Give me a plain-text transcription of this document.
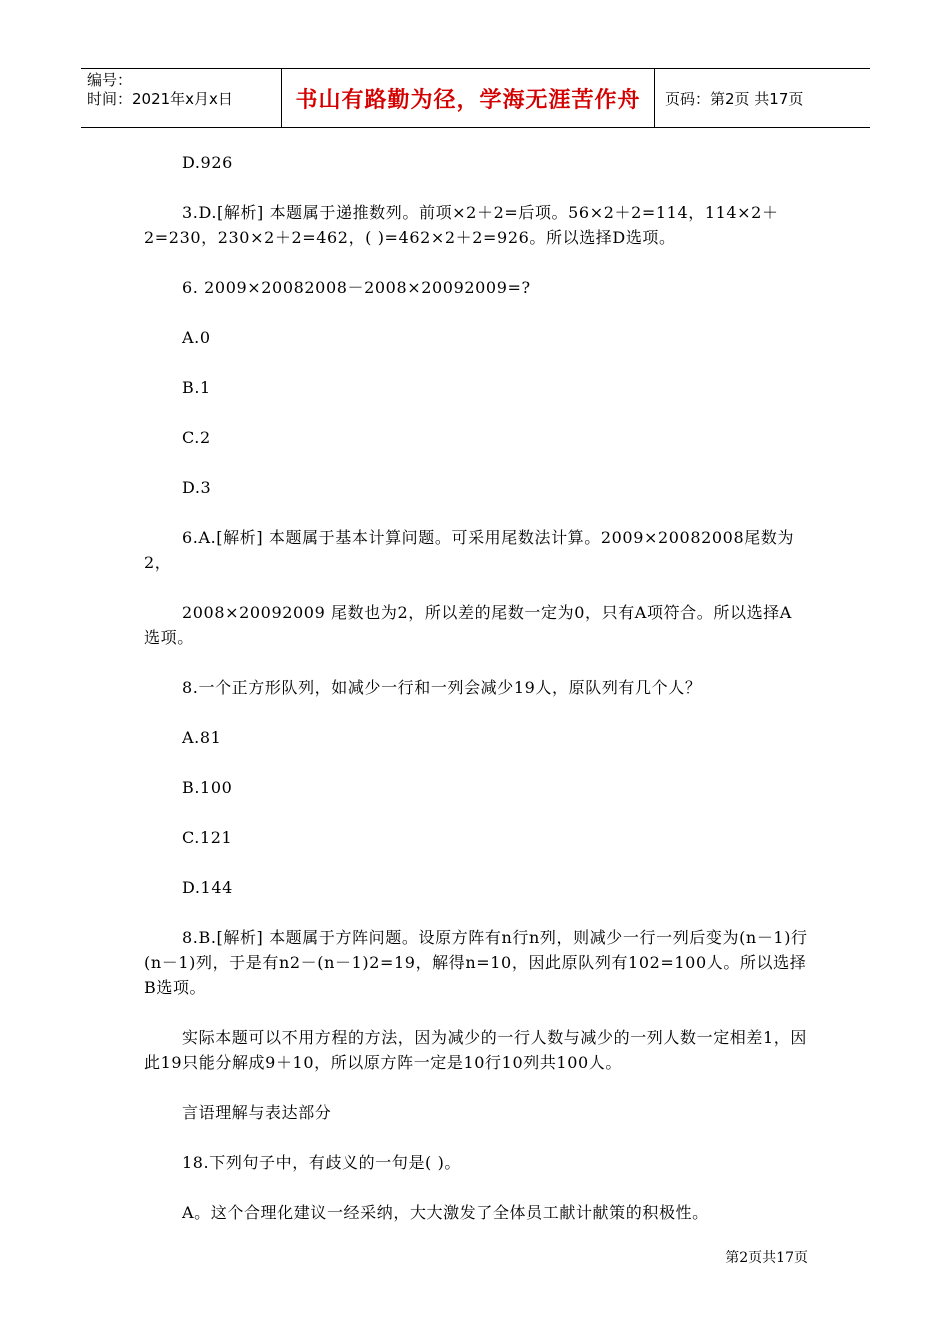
编号：
时间：2021年x月x日	书山有路勤为径，学海无涯苦作舟	页码：第2页 共17页

D.926

3.D.[解析] 本题属于递推数列。前项×2＋2=后项。56×2＋2=114，114×2＋2=230，230×2＋2=462，( )=462×2＋2=926。所以选择D选项。

6. 2009×20082008－2008×20092009=?

A.0

B.1

C.2

D.3

6.A.[解析] 本题属于基本计算问题。可采用尾数法计算。2009×20082008尾数为2，

2008×20092009 尾数也为2，所以差的尾数一定为0，只有A项符合。所以选择A选项。

8.一个正方形队列，如减少一行和一列会减少19人，原队列有几个人？

A.81

B.100

C.121

D.144

8.B.[解析] 本题属于方阵问题。设原方阵有n行n列，则减少一行一列后变为(n－1)行(n－1)列，于是有n2－(n－1)2=19，解得n=10，因此原队列有102=100人。所以选择B选项。

实际本题可以不用方程的方法，因为减少的一行人数与减少的一列人数一定相差1，因此19只能分解成9＋10，所以原方阵一定是10行10列共100人。

言语理解与表达部分

18.下列句子中，有歧义的一句是( )。

A。这个合理化建议一经采纳，大大激发了全体员工献计献策的积极性。

第2页共17页
